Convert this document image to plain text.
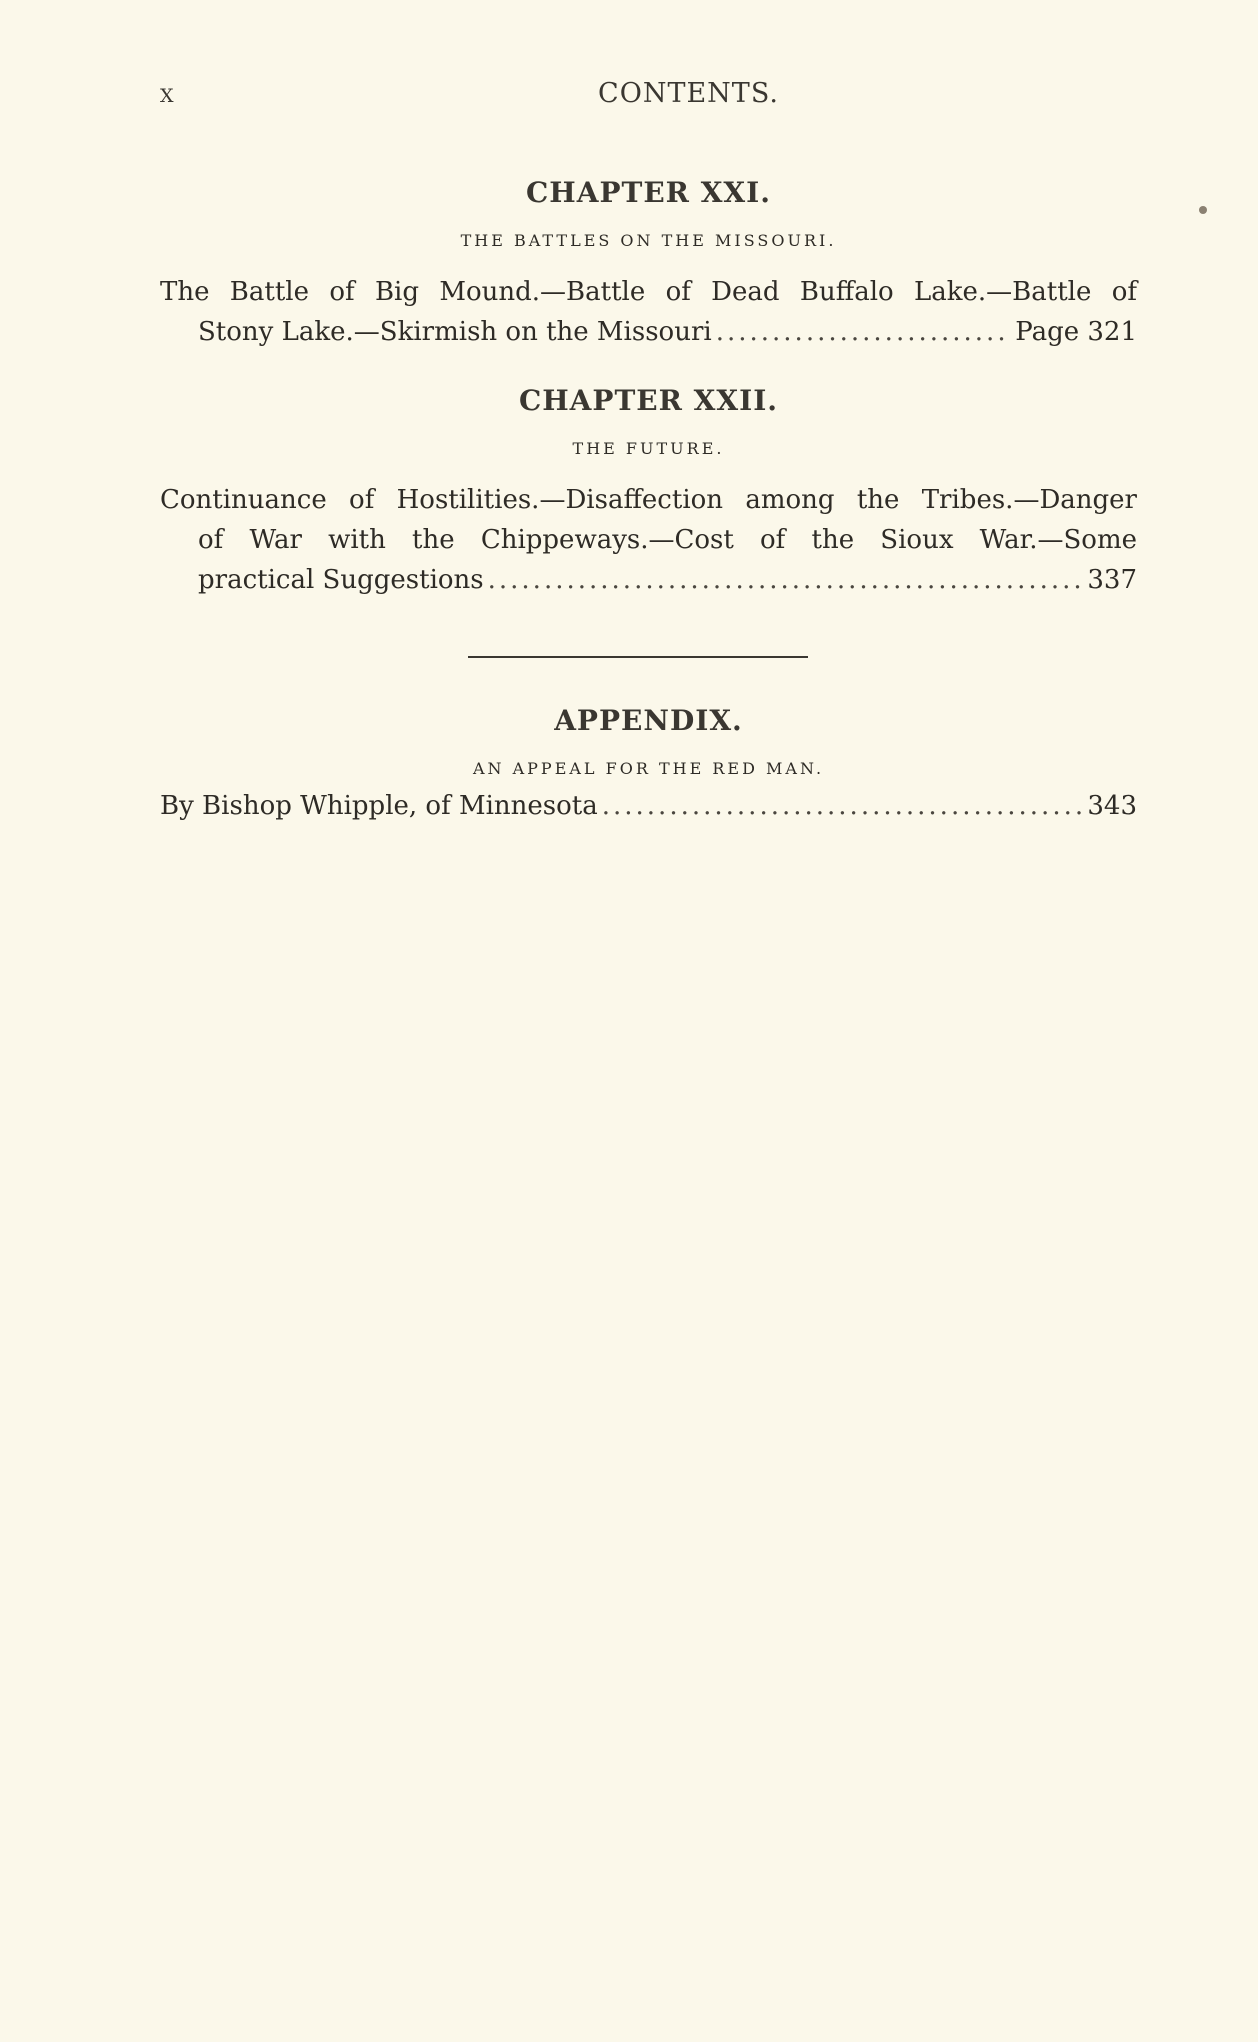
x	CONTENTS.
CHAPTER XXI.
THE BATTLES ON THE MISSOURI.
The Battle of Big Mound.—Battle of Dead Buffalo Lake.—Battle of
Stony Lake.—Skirmish on the Missouri .....	Page 321
CHAPTER XXII.
THE FUTURE.
Continuance of Hostilities.—Disaffection among the Tribes.—Danger
of War with the Chippeways.—Cost of the Sioux War.—Some
practical Suggestions .....	337
APPENDIX.
AN APPEAL FOR THE RED MAN.
By Bishop Whipple, of Minnesota .....	343
